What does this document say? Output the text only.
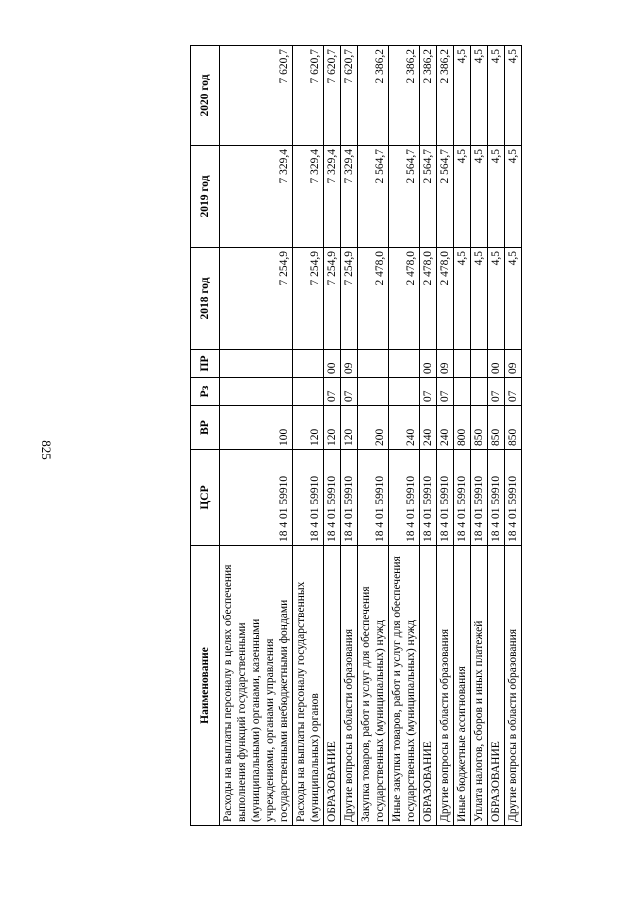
825
Наименование	ЦСР	ВР	Рз	ПР	2018 год	2019 год	2020 год
Расходы на выплаты персоналу в целях обеспечения выполнения функций государственными (муниципальными) органами, казенными учреждениями, органами управления государственными внебюджетными фондами	18 4 01 59910	100			7 254,9	7 329,4	7 620,7
Расходы на выплаты персоналу государственных (муниципальных) органов	18 4 01 59910	120			7 254,9	7 329,4	7 620,7
ОБРАЗОВАНИЕ	18 4 01 59910	120	07	00	7 254,9	7 329,4	7 620,7
Другие вопросы в области образования	18 4 01 59910	120	07	09	7 254,9	7 329,4	7 620,7
Закупка товаров, работ и услуг для обеспечения государственных (муниципальных) нужд	18 4 01 59910	200			2 478,0	2 564,7	2 386,2
Иные закупки товаров, работ и услуг для обеспечения государственных (муниципальных) нужд	18 4 01 59910	240			2 478,0	2 564,7	2 386,2
ОБРАЗОВАНИЕ	18 4 01 59910	240	07	00	2 478,0	2 564,7	2 386,2
Другие вопросы в области образования	18 4 01 59910	240	07	09	2 478,0	2 564,7	2 386,2
Иные бюджетные ассигнования	18 4 01 59910	800			4,5	4,5	4,5
Уплата налогов, сборов и иных платежей	18 4 01 59910	850			4,5	4,5	4,5
ОБРАЗОВАНИЕ	18 4 01 59910	850	07	00	4,5	4,5	4,5
Другие вопросы в области образования	18 4 01 59910	850	07	09	4,5	4,5	4,5
